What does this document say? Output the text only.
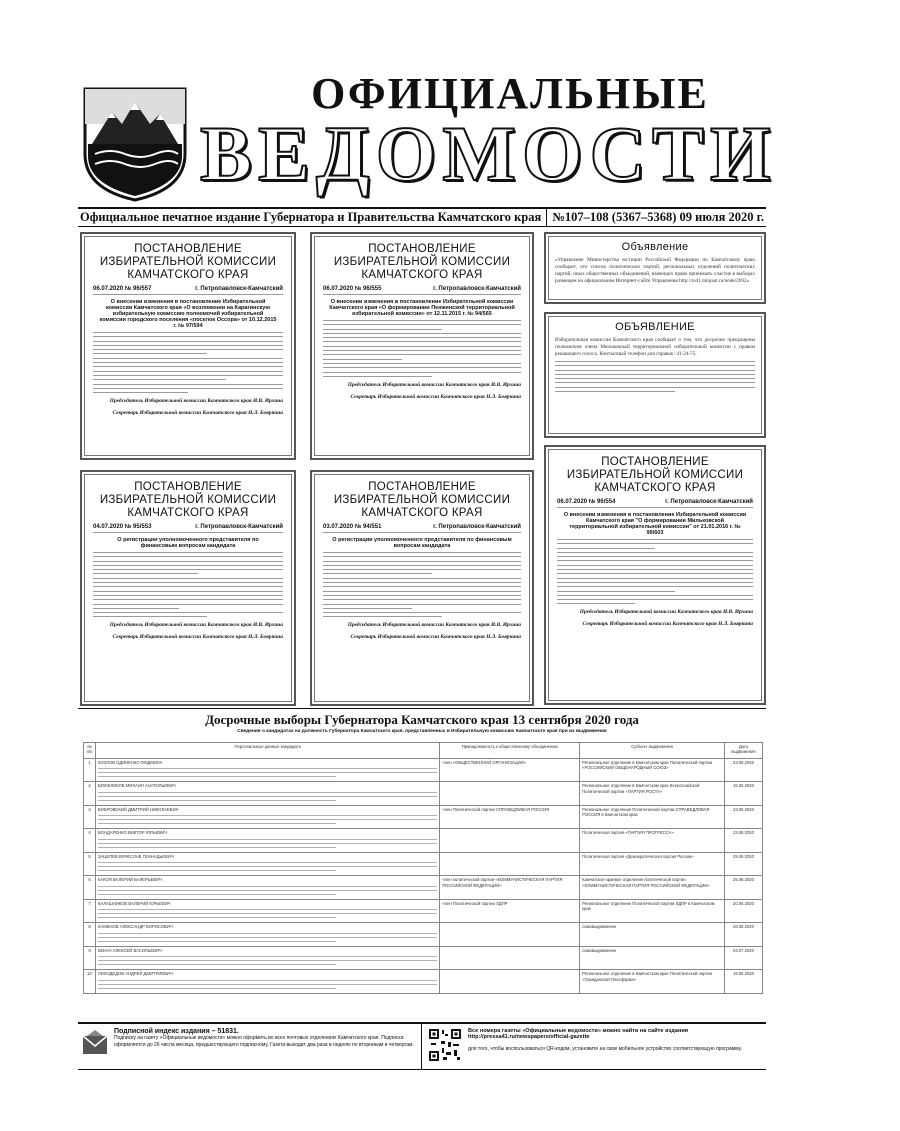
ОФИЦИАЛЬНЫЕ
ВЕДОМОСТИ
Официальное печатное издание Губернатора и Правительства Камчатского края №107–108 (5367–5368) 09 июля 2020 г.
ПОСТАНОВЛЕНИЕ
ИЗБИРАТЕЛЬНОЙ КОМИССИИ
КАМЧАТСКОГО КРАЯ
06.07.2020 № 96/557	г. Петропавловск-Камчатский
О внесении изменения в постановление Избирательной комиссии Камчатского края «О возложении на Карагинскую избирательную комиссию полномочий избирательной комиссии городского поселения «поселок Оссора» от 10.12.2015 г. № 97/594
Председатель Избирательной комиссии Камчатского края И.В. Ирхина
Секретарь Избирательной комиссии Камчатского края Н.Л. Бояркина
ПОСТАНОВЛЕНИЕ
ИЗБИРАТЕЛЬНОЙ КОМИССИИ
КАМЧАТСКОГО КРАЯ
06.07.2020 № 96/555	г. Петропавловск-Камчатский
О внесении изменения в постановление Избирательной комиссии Камчатского края «О формировании Пенжинской территориальной избирательной комиссии» от 12.11.2015 г. № 94/565
Председатель Избирательной комиссии Камчатского края И.В. Ирхина
Секретарь Избирательной комиссии Камчатского края Н.Л. Бояркина
Объявление
«Управление Министерства юстиции Российской Федерации по Камчатскому краю сообщает, что список политических партий, региональных отделений политических партий, иных общественных объединений, имеющих право принимать участие в выборах размещен на официальном Интернет-сайте Управления http://to41.minjust.ru/node/2692»
ОБЪЯВЛЕНИЕ
Избирательная комиссия Камчатского края сообщает о том, что досрочно прекращены полномочия члена Мильковской территориальной избирательной комиссии с правом решающего голоса. Контактный телефон для справок: 41-24-75.
ПОСТАНОВЛЕНИЕ
ИЗБИРАТЕЛЬНОЙ КОМИССИИ
КАМЧАТСКОГО КРАЯ
06.07.2020 № 96/554	г. Петропавловск-Камчатский
О внесении изменения в постановление Избирательной комиссии Камчатского края "О формировании Мильковской территориальной избирательной комиссии" от 21.01.2016 г. № 99/603
Председатель Избирательной комиссии Камчатского края И.В. Ирхина
Секретарь Избирательной комиссии Камчатского края Н.Л. Бояркина
ПОСТАНОВЛЕНИЕ
ИЗБИРАТЕЛЬНОЙ КОМИССИИ
КАМЧАТСКОГО КРАЯ
04.07.2020 № 95/553	г. Петропавловск-Камчатский
О регистрации уполномоченного представителя по финансовым вопросам кандидата
Председатель Избирательной комиссии Камчатского края И.В. Ирхина
Секретарь Избирательной комиссии Камчатского края Н.Л. Бояркина
ПОСТАНОВЛЕНИЕ
ИЗБИРАТЕЛЬНОЙ КОМИССИИ
КАМЧАТСКОГО КРАЯ
03.07.2020 № 94/551	г. Петропавловск-Камчатский
О регистрации уполномоченного представителя по финансовым вопросам кандидата
Председатель Избирательной комиссии Камчатского края И.В. Ирхина
Секретарь Избирательной комиссии Камчатского края Н.Л. Бояркина
Досрочные выборы Губернатора Камчатского края 13 сентября 2020 года
Сведения о кандидатах на должность Губернатора Камчатского края, представленных в Избирательную комиссию Камчатского края при их выдвижении
№ п/п	Персональные данные кандидата	Принадлежность к общественному объединению	Субъект выдвижения	Дата выдвижения
1	КОЗЛОВ ОДИНЕНКО ЛЮДМИЛА	член «ОБЩЕСТВЕННОЙ ОРГАНИЗАЦИИ»	Региональное отделение в Камчатском крае Политической партии «РОССИЙСКИЙ ОБЩЕНАРОДНЫЙ СОЮЗ»	23.06.2020
2	БЛИЗНЮКОВ МИХАИЛ АНАТОЛЬЕВИЧ		Региональное отделение в Камчатском крае Всероссийской Политической партии «ПАРТИЯ РОСТА»	15.06.2020
3	БОБРОВСКИЙ ДМИТРИЙ НИКОЛАЕВИЧ	член Политической партии СПРАВЕДЛИВАЯ РОССИЯ	Региональное отделение Политической партии СПРАВЕДЛИВАЯ РОССИЯ в Камчатском крае	23.06.2020
4	БОНДАРЕНКО ВИКТОР ЮРЬЕВИЧ		Политическая партия «ПАРТИЯ ПРОГРЕССА»	23.06.2020
5	ЗАЦЕПЕВ ВЯЧЕСЛАВ ГЕННАДЬЕВИЧ		Политическая партия «Демократическая партия России»	29.06.2020
6	КАКОЯ ВАЛЕРИЙ ВАЛЕРЬЕВИЧ	член политической партии «КОММУНИСТИЧЕСКАЯ ПАРТИЯ РОССИЙСКОЙ ФЕДЕРАЦИИ»	Камчатское краевое отделение политической партии «КОММУНИСТИЧЕСКАЯ ПАРТИЯ РОССИЙСКОЙ ФЕДЕРАЦИИ»	25.06.2020
7	КАЛАШНИКОВ ВАЛЕРИЙ ЮРЬЕВИЧ	член Политической партии ЛДПР	Региональное отделение Политической партии ЛДПР в Камчатском крае	20.06.2020
8	КАМЕНОВ АЛЕКСАНДР БОРИСОВИЧ		самовыдвижение	26.06.2020
9	КЕКАН АЛЕКСЕЙ ВАСИЛЬЕВИЧ		самовыдвижение	03.07.2020
10	ЛИХОДЕДОВ АНДРЕЙ ДМИТРИЕВИЧ		Региональное отделение в Камчатском крае Политической партии «Гражданская Платформа»	15.06.2020
Подписной индекс издания – 51831.
Подписку на газету «Официальные ведомости» можно оформить во всех почтовых отделениях Камчатского края. Подписка оформляется до 26 числа месяца, предшествующего подписному. Газета выходит два раза в неделю по вторникам и четвергам.
Все номера газеты «Официальные ведомости» можно найти на сайте издания
http://pressa41.ru/newspapers/official-gazette
для того, чтобы воспользоваться QR-кодом, установите на свое мобильное устройство соответствующую программу.
